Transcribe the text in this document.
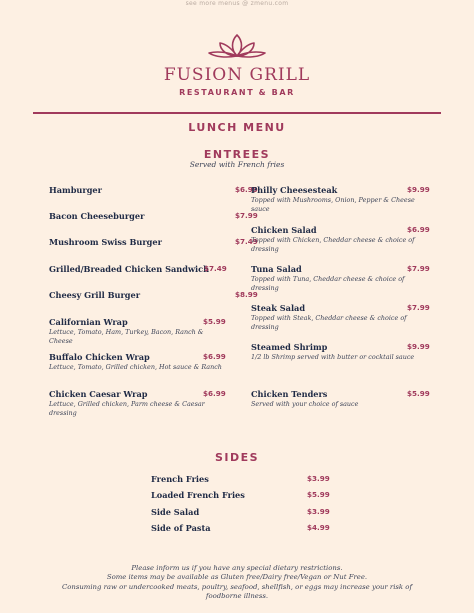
see more menus @ zmenu.com
FUSION GRILL
RESTAURANT & BAR
LUNCH MENU
ENTREES
Served with French fries
Hamburger	$6.99
Bacon Cheeseburger	$7.99
Mushroom Swiss Burger	$7.49
Grilled/Breaded Chicken Sandwich
$7.49
Cheesy Grill Burger	$8.99
Californian Wrap	$5.99
Lettuce, Tomato, Ham, Turkey, Bacon, Ranch & Cheese
Buffalo Chicken Wrap	$6.99
Lettuce, Tomato, Grilled chicken, Hot sauce & Ranch
Chicken Caesar Wrap	$6.99
Lettuce, Grilled chicken, Parm cheese & Caesar dressing
Philly Cheesesteak	$9.99
Topped with Mushrooms, Onion, Pepper & Cheese sauce
Chicken Salad	$6.99
Topped with Chicken, Cheddar cheese & choice of dressing
Tuna Salad	$7.99
Topped with Tuna, Cheddar cheese & choice of dressing
Steak Salad	$7.99
Topped with Steak, Cheddar cheese & choice of dressing
Steamed Shrimp	$9.99
1/2 lb Shrimp served with butter or cocktail sauce
Chicken Tenders	$5.99
Served with your choice of sauce
SIDES
French Fries	$3.99
Loaded French Fries	$5.99
Side Salad	$3.99
Side of Pasta	$4.99
Please inform us if you have any special dietary restrictions.
Some items may be available as Gluten free/Dairy free/Vegan or Nut Free.
Consuming raw or undercooked meats, poultry, seafood, shellfish, or eggs may increase your risk of
foodborne illness.
